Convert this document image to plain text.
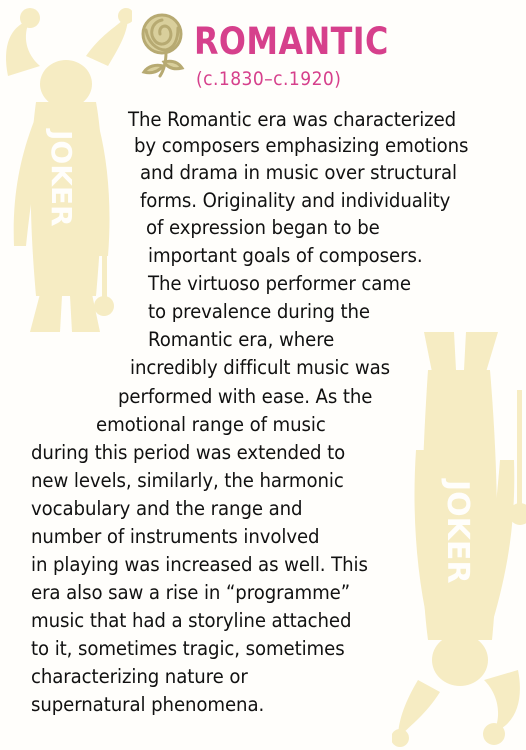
JOKER
JOKER
ROMANTIC
(c.1830–c.1920)
The Romantic era was characterized
by composers emphasizing emotions
and drama in music over structural
forms. Originality and individuality
of expression began to be
important goals of composers.
The virtuoso performer came
to prevalence during the
Romantic era, where
incredibly difficult music was
performed with ease. As the
emotional range of music
during this period was extended to
new levels, similarly, the harmonic
vocabulary and the range and
number of instruments involved
in playing was increased as well. This
era also saw a rise in “programme”
music that had a storyline attached
to it, sometimes tragic, sometimes
characterizing nature or
supernatural phenomena.
